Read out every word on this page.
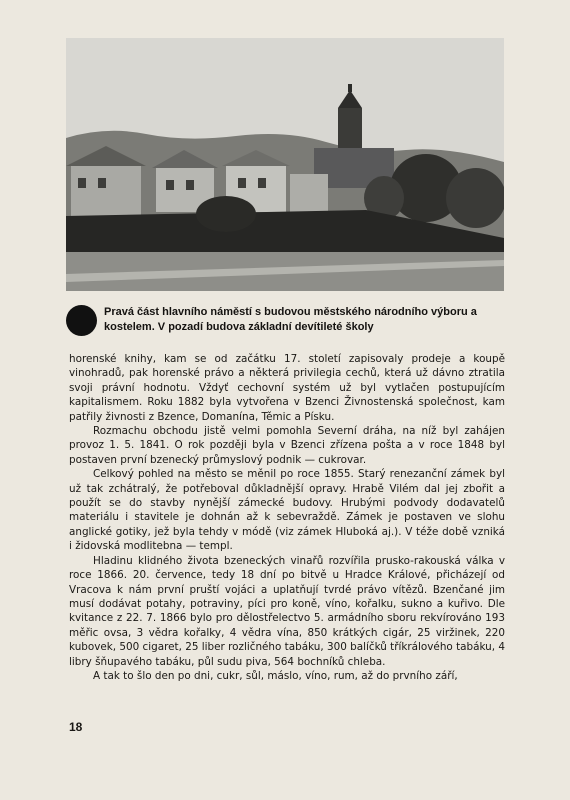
Pravá část hlavního náměstí s budovou městského národního výboru a kostelem. V pozadí budova základní devítileté školy

horenské knihy, kam se od začátku 17. století zapisovaly prodeje a koupě vinohradů, pak horenské právo a některá privilegia cechů, která už dávno ztratila svoji právní hodnotu. Vždyť cechovní systém už byl vytlačen postupujícím kapitalismem. Roku 1882 byla vytvořena v Bzenci Živnostenská společnost, kam patřily živnosti z Bzence, Domanína, Těmic a Písku.

Rozmachu obchodu jistě velmi pomohla Severní dráha, na níž byl zahájen provoz 1. 5. 1841. O rok později byla v Bzenci zřízena pošta a v roce 1848 byl postaven první bzenecký průmyslový podnik — cukrovar.

Celkový pohled na město se měnil po roce 1855. Starý renezanční zámek byl už tak zchátralý, že potřeboval důkladnější opravy. Hrabě Vilém dal jej zbořit a použít se do stavby nynější zámecké budovy. Hrubými podvody dodavatelů materiálu i stavitele je dohnán až k sebevraždě. Zámek je postaven ve slohu anglické gotiky, jež byla tehdy v módě (viz zámek Hluboká aj.). V téže době vzniká i židovská modlitebna — templ.

Hladinu klidného života bzeneckých vinařů rozvířila prusko-rakouská válka v roce 1866. 20. července, tedy 18 dní po bitvě u Hradce Králové, přicházejí od Vracova k nám první pruští vojáci a uplatňují tvrdé právo vítězů. Bzenčané jim musí dodávat potahy, potraviny, píci pro koně, víno, kořalku, sukno a kuřivo. Dle kvitance z 22. 7. 1866 bylo pro dělostřelectvo 5. armádního sboru rekvírováno 193 měřic ovsa, 3 vědra kořalky, 4 vědra vína, 850 krátkých cigár, 25 viržinek, 220 kubovek, 500 cigaret, 25 liber rozličného tabáku, 300 balíčků tříkrálového tabáku, 4 libry šňupavého tabáku, půl sudu piva, 564 bochníků chleba.

A tak to šlo den po dni, cukr, sůl, máslo, víno, rum, až do prvního září,

18
